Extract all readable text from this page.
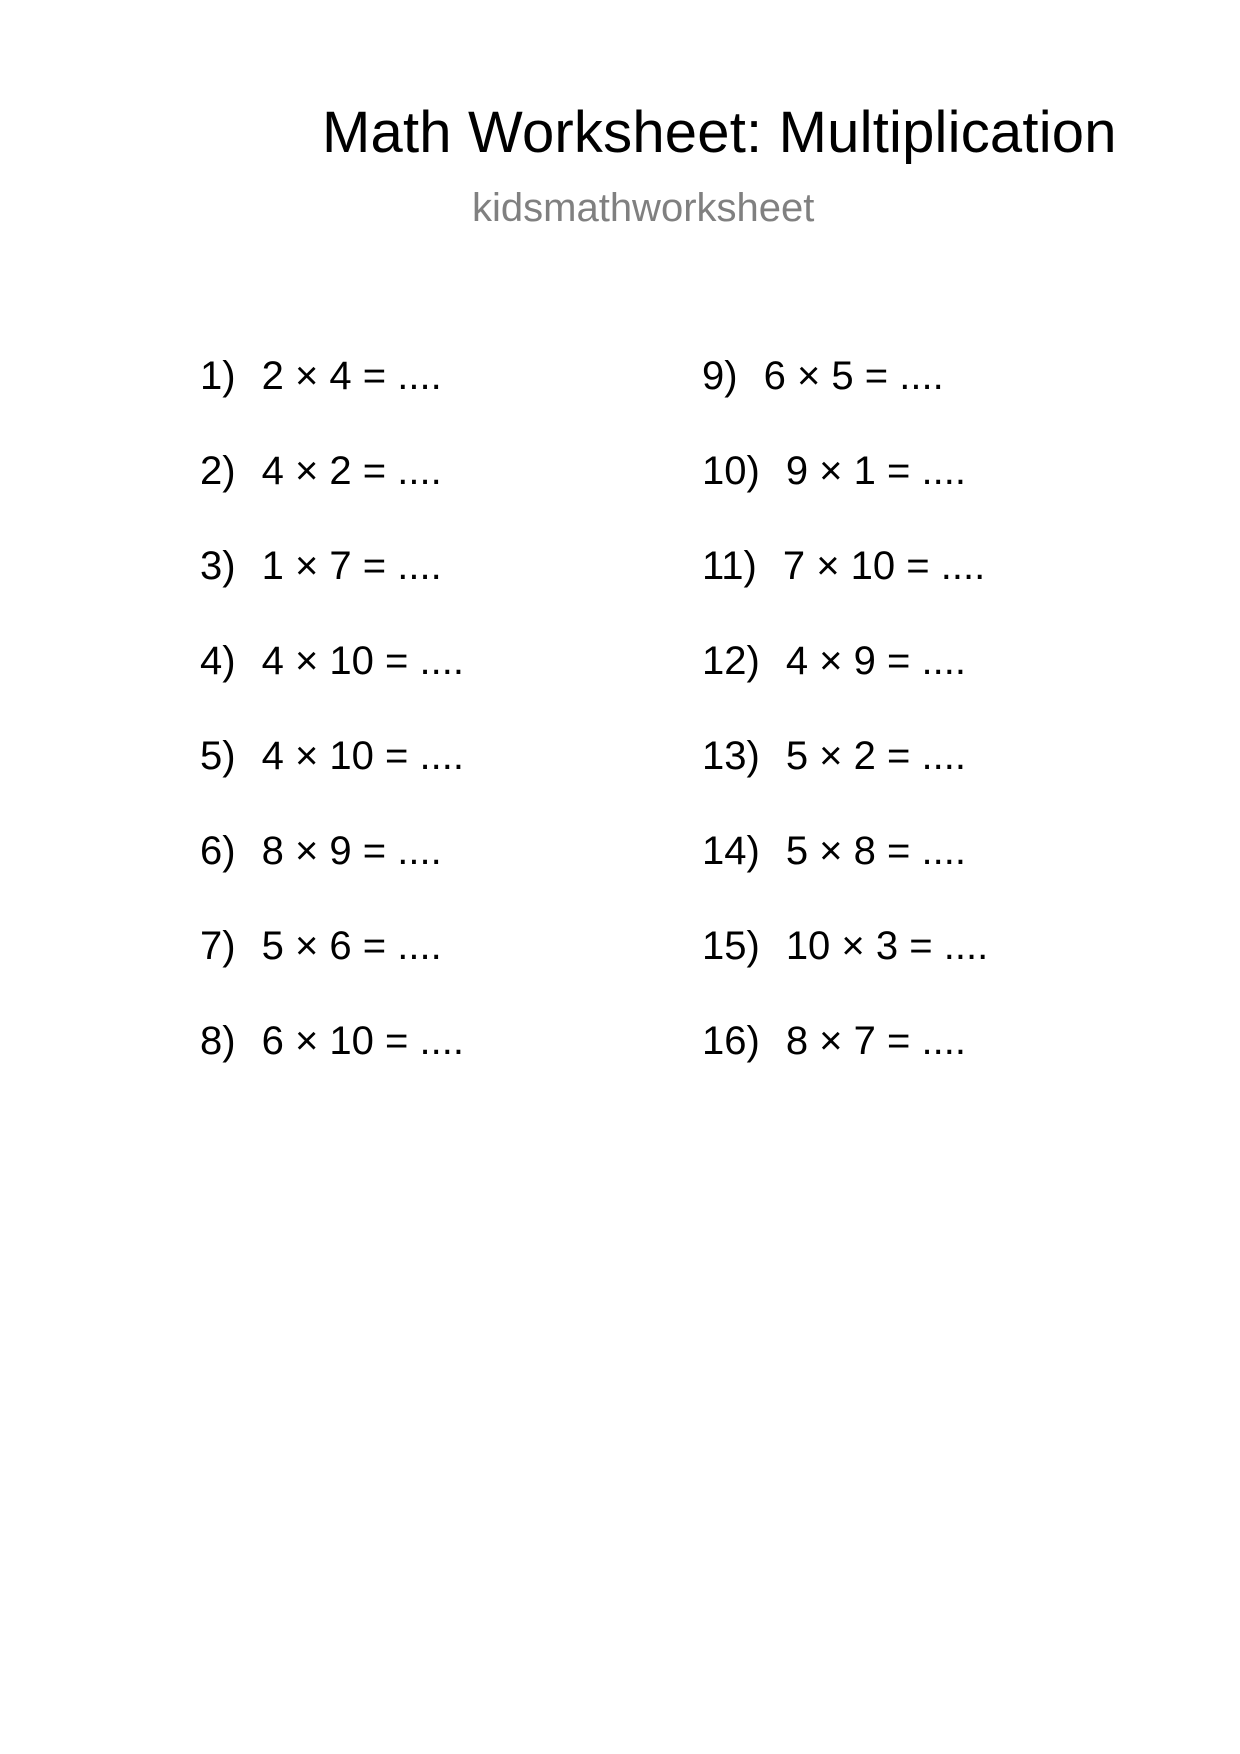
Math Worksheet: Multiplication
kidsmathworksheet
1) 2 × 4 = ....
2) 4 × 2 = ....
3) 1 × 7 = ....
4) 4 × 10 = ....
5) 4 × 10 = ....
6) 8 × 9 = ....
7) 5 × 6 = ....
8) 6 × 10 = ....
9) 6 × 5 = ....
10) 9 × 1 = ....
11) 7 × 10 = ....
12) 4 × 9 = ....
13) 5 × 2 = ....
14) 5 × 8 = ....
15) 10 × 3 = ....
16) 8 × 7 = ....
